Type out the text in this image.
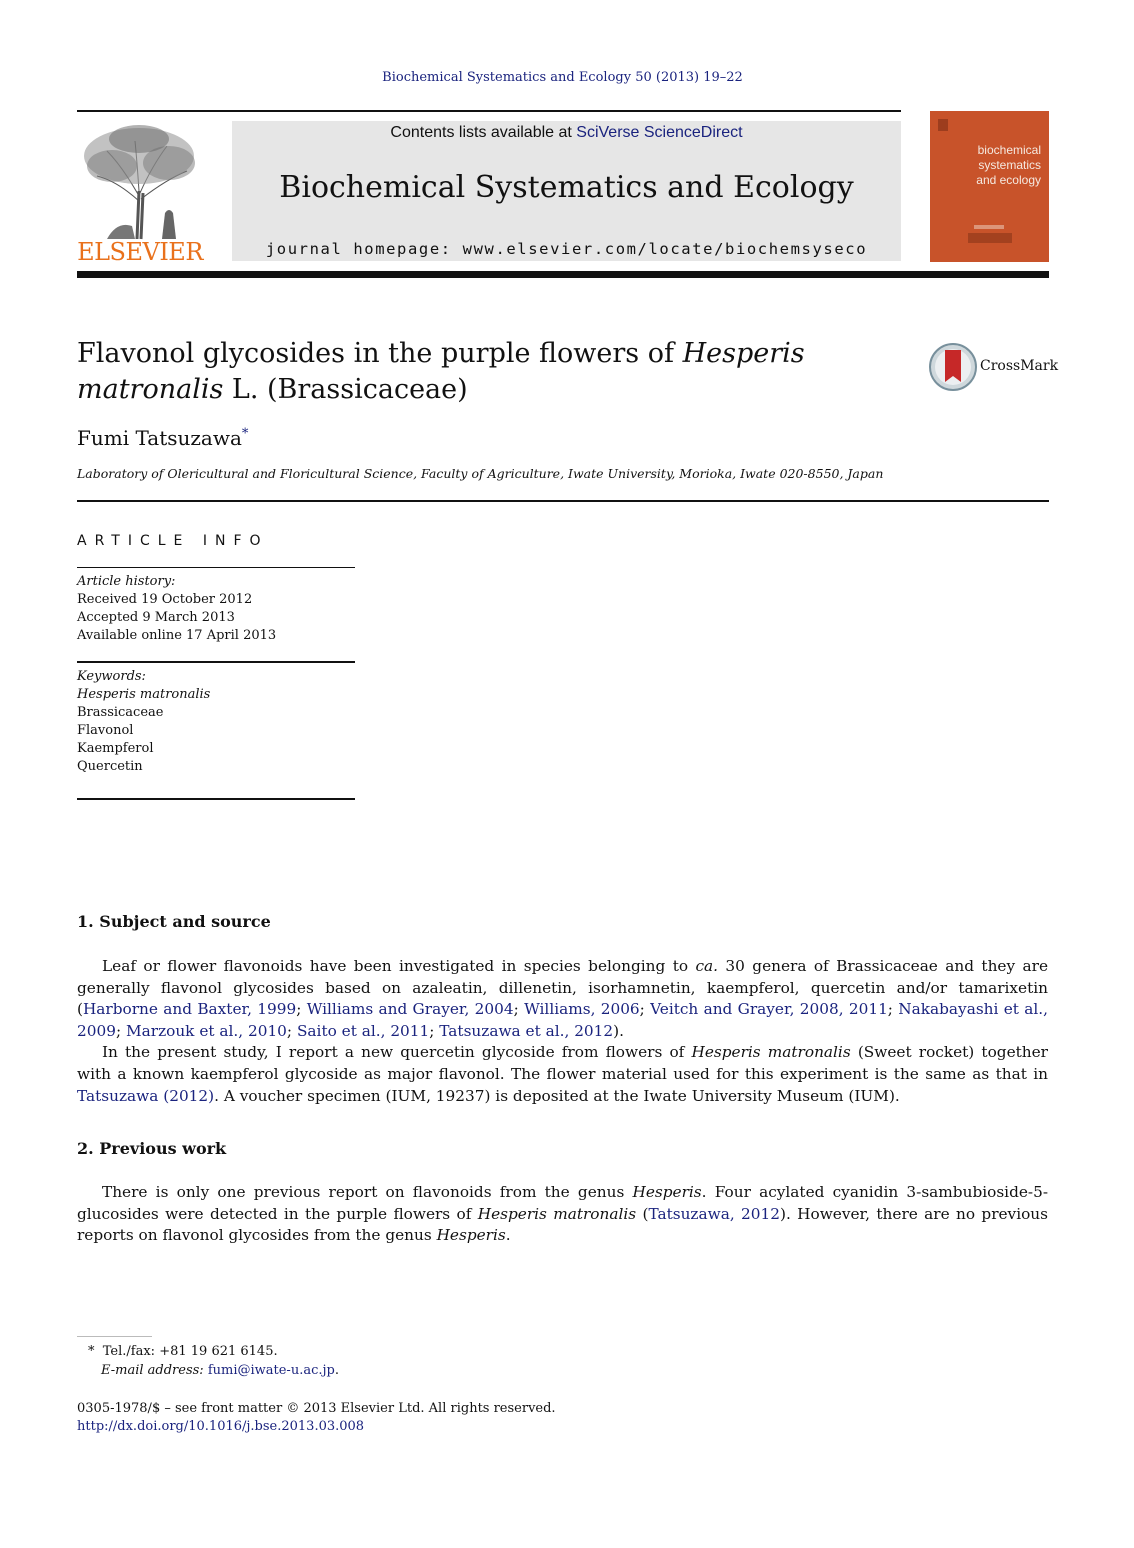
Biochemical Systematics and Ecology 50 (2013) 19–22
ELSEVIER
Contents lists available at SciVerse ScienceDirect
Biochemical Systematics and Ecology
journal homepage: www.elsevier.com/locate/biochemsyseco
biochemical
systematics
and ecology
Flavonol glycosides in the purple flowers of Hesperis
matronalis L. (Brassicaceae)
CrossMark
Fumi Tatsuzawa*
Laboratory of Olericultural and Floricultural Science, Faculty of Agriculture, Iwate University, Morioka, Iwate 020-8550, Japan
ARTICLE INFO
Article history:
Received 19 October 2012
Accepted 9 March 2013
Available online 17 April 2013
Keywords:
Hesperis matronalis
Brassicaceae
Flavonol
Kaempferol
Quercetin
1. Subject and source

Leaf or flower flavonoids have been investigated in species belonging to ca. 30 genera of Brassicaceae and they are generally flavonol glycosides based on azaleatin, dillenetin, isorhamnetin, kaempferol, quercetin and/or tamarixetin (Harborne and Baxter, 1999; Williams and Grayer, 2004; Williams, 2006; Veitch and Grayer, 2008, 2011; Nakabayashi et al., 2009; Marzouk et al., 2010; Saito et al., 2011; Tatsuzawa et al., 2012).

In the present study, I report a new quercetin glycoside from flowers of Hesperis matronalis (Sweet rocket) together with a known kaempferol glycoside as major flavonol. The flower material used for this experiment is the same as that in Tatsuzawa (2012). A voucher specimen (IUM, 19237) is deposited at the Iwate University Museum (IUM).

2. Previous work

There is only one previous report on flavonoids from the genus Hesperis. Four acylated cyanidin 3-sambubioside-5-glucosides were detected in the purple flowers of Hesperis matronalis (Tatsuzawa, 2012). However, there are no previous reports on flavonol glycosides from the genus Hesperis.

* Tel./fax: +81 19 621 6145.
E-mail address: fumi@iwate-u.ac.jp.
0305-1978/$ – see front matter © 2013 Elsevier Ltd. All rights reserved.
http://dx.doi.org/10.1016/j.bse.2013.03.008
